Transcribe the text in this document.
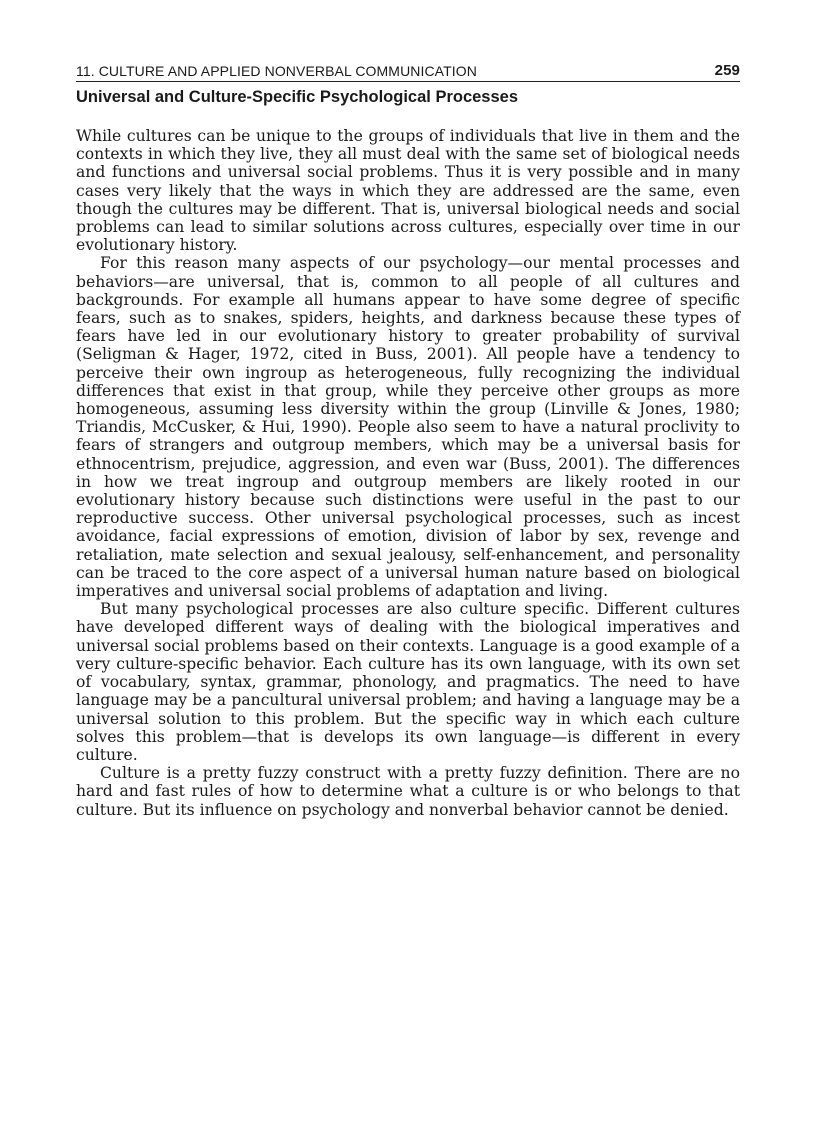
11. CULTURE AND APPLIED NONVERBAL COMMUNICATION	259
Universal and Culture-Specific Psychological Processes

While cultures can be unique to the groups of individuals that live in them and the contexts in which they live, they all must deal with the same set of biological needs and functions and universal social problems. Thus it is very possible and in many cases very likely that the ways in which they are addressed are the same, even though the cultures may be different. That is, universal biological needs and social problems can lead to similar solutions across cultures, especially over time in our evolutionary history.

For this reason many aspects of our psychology—our mental processes and behaviors—are universal, that is, common to all people of all cultures and backgrounds. For example all humans appear to have some degree of specific fears, such as to snakes, spiders, heights, and darkness because these types of fears have led in our evolutionary history to greater probability of survival (Seligman & Hager, 1972, cited in Buss, 2001). All people have a tendency to perceive their own ingroup as heterogeneous, fully recognizing the individual differences that exist in that group, while they perceive other groups as more homogeneous, assuming less diversity within the group (Linville & Jones, 1980; Triandis, McCusker, & Hui, 1990). People also seem to have a natural proclivity to fears of strangers and outgroup members, which may be a universal basis for ethnocentrism, prejudice, aggression, and even war (Buss, 2001). The differences in how we treat ingroup and outgroup members are likely rooted in our evolutionary history because such distinctions were useful in the past to our reproductive success. Other universal psychological processes, such as incest avoidance, facial expressions of emotion, division of labor by sex, revenge and retaliation, mate selection and sexual jealousy, self-enhancement, and personality can be traced to the core aspect of a universal human nature based on biological imperatives and universal social problems of adaptation and living.

But many psychological processes are also culture specific. Different cultures have developed different ways of dealing with the biological imperatives and universal social problems based on their contexts. Language is a good example of a very culture-specific behavior. Each culture has its own language, with its own set of vocabulary, syntax, grammar, phonology, and pragmatics. The need to have language may be a pancultural universal problem; and having a language may be a universal solution to this problem. But the specific way in which each culture solves this problem—that is develops its own language—is different in every culture.

Culture is a pretty fuzzy construct with a pretty fuzzy definition. There are no hard and fast rules of how to determine what a culture is or who belongs to that culture. But its influence on psychology and nonverbal behavior cannot be denied.
